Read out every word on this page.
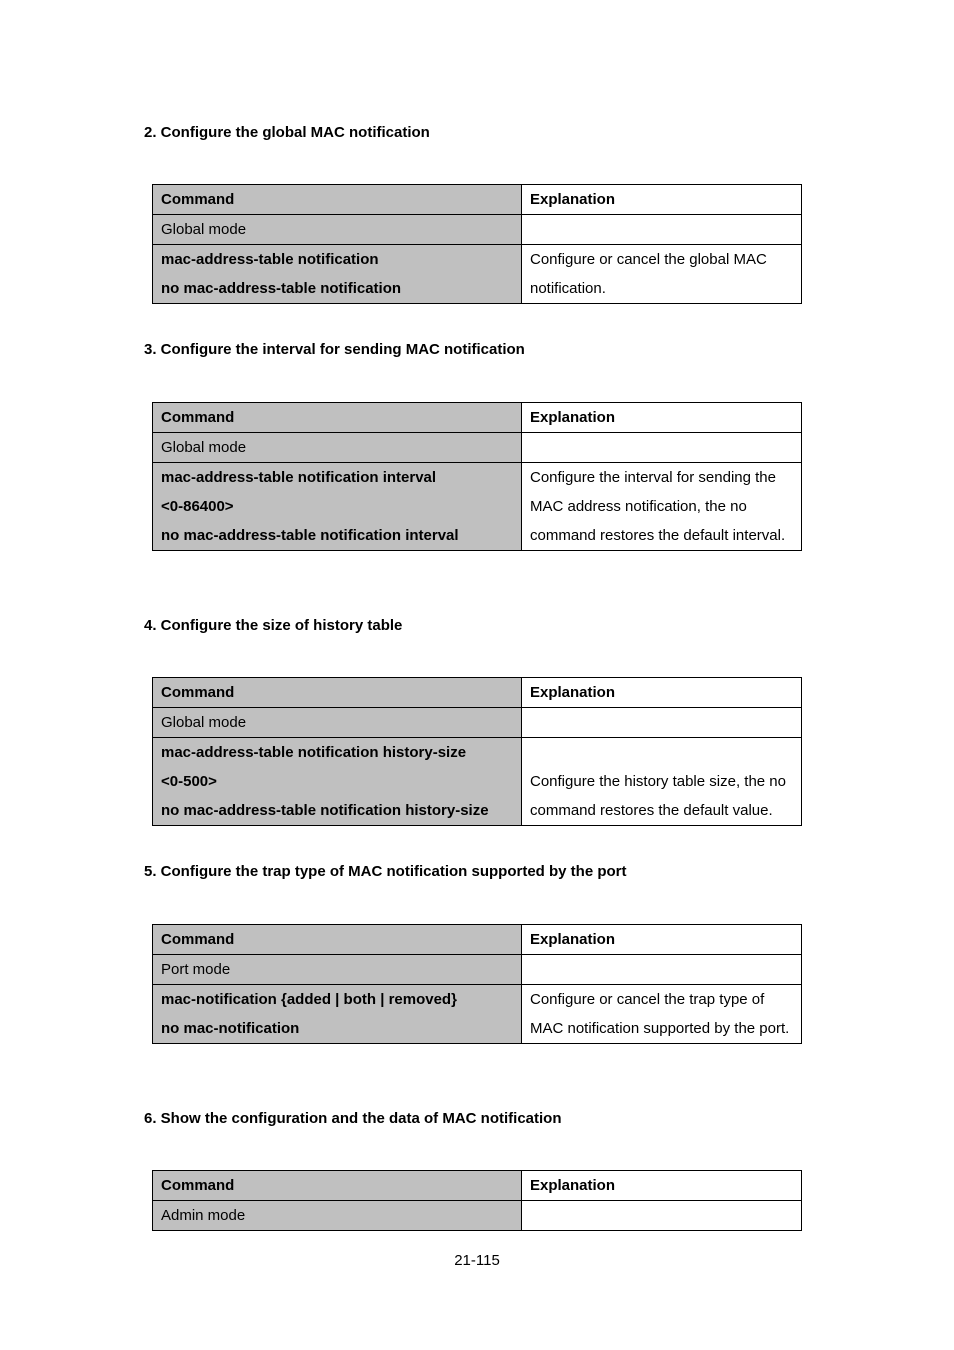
2. Configure the global MAC notification
Command	Explanation
Global mode	

mac-address-table notification
no mac-address-table notification	Configure or cancel the global MAC notification.
3. Configure the interval for sending MAC notification
Command	Explanation
Global mode	

mac-address-table notification interval
<0-86400>
no mac-address-table notification interval	Configure the interval for sending the MAC address notification, the no command restores the default interval.
4. Configure the size of history table
Command	Explanation
Global mode	

mac-address-table notification history-size
<0-500>
no mac-address-table notification history-size	Configure the history table size, the no command restores the default value.
5. Configure the trap type of MAC notification supported by the port
Command	Explanation
Port mode	

mac-notification {added | both | removed}
no mac-notification	Configure or cancel the trap type of MAC notification supported by the port.
6. Show the configuration and the data of MAC notification
Command	Explanation
Admin mode	
21-115
